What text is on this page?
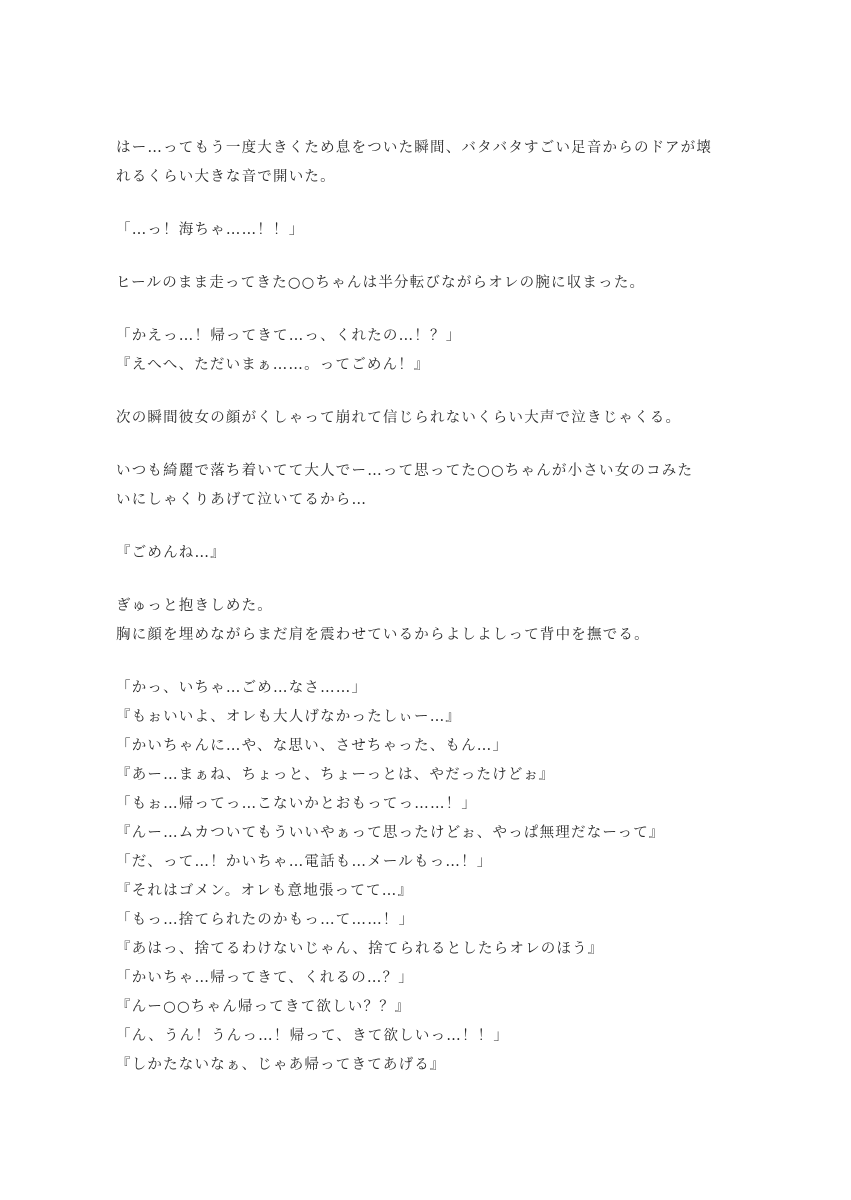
はー…ってもう一度大きくため息をついた瞬間、バタバタすごい足音からのドアが壊
れるくらい大きな音で開いた。
「…っ！海ちゃ……！！」
ヒールのまま走ってきた○○ちゃんは半分転びながらオレの腕に収まった。
「かえっ…！帰ってきて…っ、くれたの…！？」
『えへへ、ただいまぁ……。ってごめん！』
次の瞬間彼女の顔がくしゃって崩れて信じられないくらい大声で泣きじゃくる。
いつも綺麗で落ち着いてて大人でー…って思ってた○○ちゃんが小さい女のコみた
いにしゃくりあげて泣いてるから…
『ごめんね…』
ぎゅっと抱きしめた。
胸に顔を埋めながらまだ肩を震わせているからよしよしって背中を撫でる。
「かっ、いちゃ…ごめ…なさ……」
『もぉいいよ、オレも大人げなかったしぃー…』
「かいちゃんに…や、な思い、させちゃった、もん…」
『あー…まぁね、ちょっと、ちょーっとは、やだったけどぉ』
「もぉ…帰ってっ…こないかとおもってっ……！」
『んー…ムカついてもういいやぁって思ったけどぉ、やっぱ無理だなーって』
「だ、って…！かいちゃ…電話も…メールもっ…！」
『それはゴメン。オレも意地張ってて…』
「もっ…捨てられたのかもっ…て……！」
『あはっ、捨てるわけないじゃん、捨てられるとしたらオレのほう』
「かいちゃ…帰ってきて、くれるの…？」
『んー○○ちゃん帰ってきて欲しい？？』
「ん、うん！うんっ…！帰って、きて欲しいっ…！！」
『しかたないなぁ、じゃあ帰ってきてあげる』
